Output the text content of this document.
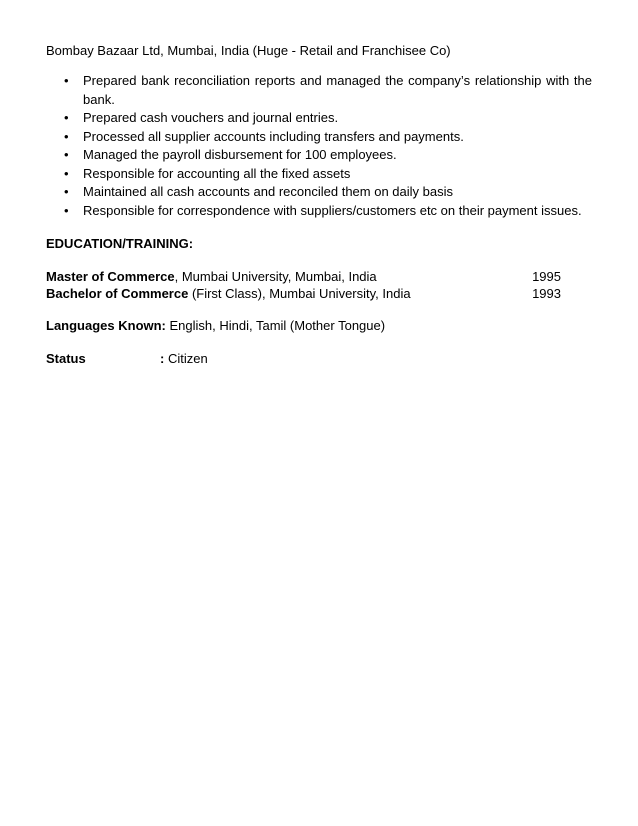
Bombay Bazaar Ltd, Mumbai, India (Huge - Retail and Franchisee Co)
•	Prepared bank reconciliation reports and managed the company’s relationship with the bank.
•	Prepared cash vouchers and journal entries.
•	Processed all supplier accounts including transfers and payments.
•	Managed the payroll disbursement for 100 employees.
•	Responsible for accounting all the fixed assets
•	Maintained all cash accounts and reconciled them on daily basis
•	Responsible for correspondence with suppliers/customers etc on their payment issues.
EDUCATION/TRAINING:
Master of Commerce, Mumbai University, Mumbai, India	1995
Bachelor of Commerce (First Class), Mumbai University, India	1993
Languages Known: English, Hindi, Tamil (Mother Tongue)
Status	: Citizen
